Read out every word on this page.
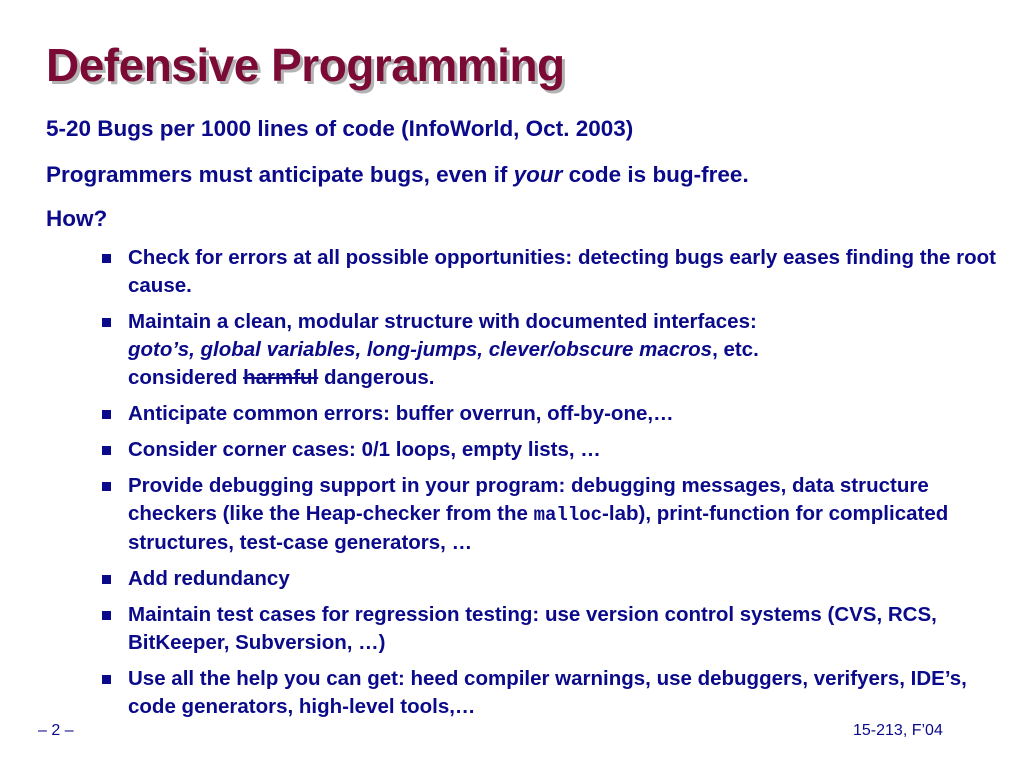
Defensive Programming

5-20 Bugs per 1000 lines of code (InfoWorld, Oct. 2003)

Programmers must anticipate bugs, even if your code is bug-free.

How?

Check for errors at all possible opportunities: detecting bugs early eases finding the root cause.
Maintain a clean, modular structure with documented interfaces:
goto’s, global variables, long-jumps, clever/obscure macros, etc.
considered harmful dangerous.
Anticipate common errors: buffer overrun, off-by-one,…
Consider corner cases: 0/1 loops, empty lists, …
Provide debugging support in your program: debugging messages, data structure checkers (like the Heap-checker from the malloc-lab), print-function for complicated structures, test-case generators, …
Add redundancy
Maintain test cases for regression testing: use version control systems (CVS, RCS, BitKeeper, Subversion, …)
Use all the help you can get: heed compiler warnings, use debuggers, verifyers, IDE’s, code generators, high-level tools,…
– 2 –	15-213, F’04
